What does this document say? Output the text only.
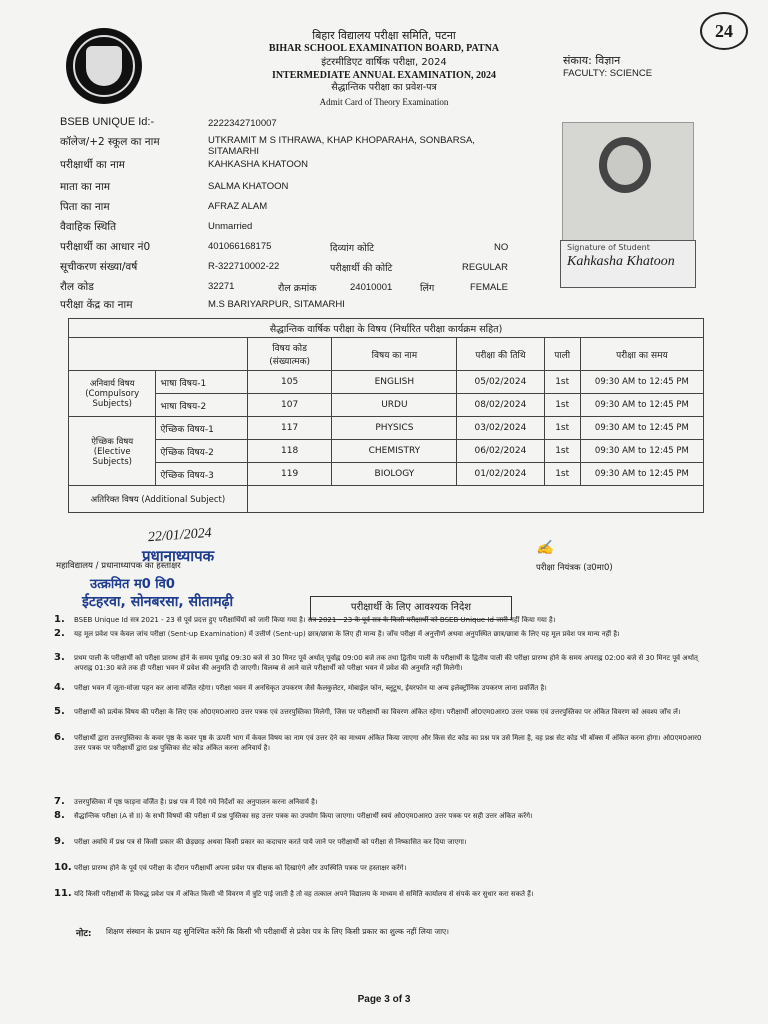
24
बिहार विद्यालय परीक्षा समिति, पटना
BIHAR SCHOOL EXAMINATION BOARD, PATNA
इंटरमीडिएट वार्षिक परीक्षा, 2024
INTERMEDIATE ANNUAL EXAMINATION, 2024
सैद्धान्तिक परीक्षा का प्रवेश-पत्र
Admit Card of Theory Examination
संकाय: विज्ञान
FACULTY: SCIENCE
BSEB UNIQUE Id:-	2222342710007
कॉलेज/+2 स्कूल का नाम	UTKRAMIT M S ITHRAWA, KHAP KHOPARAHA, SONBARSA, SITAMARHI
परीक्षार्थी का नाम	KAHKASHA KHATOON
माता का नाम	SALMA KHATOON
पिता का नाम	AFRAZ ALAM
वैवाहिक स्थिति	Unmarried
परीक्षार्थी का आधार नं0	401066168175	दिव्यांग कोटि	NO
सूचीकरण संख्या/वर्ष	R-322710002-22	परीक्षार्थी की कोटि	REGULAR
रौल कोड	32271	रौल क्रमांक	24010001	लिंग	FEMALE
परीक्षा केंद्र का नाम	M.S BARIYARPUR, SITAMARHI
Signature of Student
Kahkasha Khatoon
सैद्धान्तिक वार्षिक परीक्षा के विषय (निर्धारित परीक्षा कार्यक्रम सहित)						
		विषय कोड (संख्यात्मक)	विषय का नाम	परीक्षा की तिथि	पाली	परीक्षा का समय
अनिवार्य विषय (Compulsory Subjects)	भाषा विषय-1	105	ENGLISH	05/02/2024	1st	09:30 AM to 12:45 PM
	भाषा विषय-2	107	URDU	08/02/2024	1st	09:30 AM to 12:45 PM
ऐच्छिक विषय (Elective Subjects)	ऐच्छिक विषय-1	117	PHYSICS	03/02/2024	1st	09:30 AM to 12:45 PM
	ऐच्छिक विषय-2	118	CHEMISTRY	06/02/2024	1st	09:30 AM to 12:45 PM
	ऐच्छिक विषय-3	119	BIOLOGY	01/02/2024	1st	09:30 AM to 12:45 PM
अतिरिक्त विषय (Additional Subject)						
22/01/2024
प्रधानाध्यापक
महाविद्यालय / प्रधानाध्यापक का हस्ताक्षर
उत्क्रमित म0 वि0
ईटहरवा, सोनबरसा, सीतामढ़ी
✍
परीक्षा नियंत्रक (उ0मा0)
परीक्षार्थी के लिए आवश्यक निदेश
1. BSEB Unique Id सत्र 2021 - 23 से पूर्व प्रदत्त हुए परीक्षार्थियों को जारी किया गया है। सत्र 2021 - 23 के पूर्व सत्र के किसी परीक्षार्थी को BSEB Unique Id जारी नहीं किया गया है।
2. यह मूल प्रवेश पत्र केवल जांच परीक्षा (Sent-up Examination) में उत्तीर्ण (Sent-up) छात्र/छात्रा के लिए ही मान्य है। जाँच परीक्षा में अनुत्तीर्ण अथवा अनुपस्थित छात्र/छात्रा के लिए यह मूल प्रवेश पत्र मान्य नहीं है।
3. प्रथम पाली के परीक्षार्थी को परीक्षा प्रारम्भ होने के समय पूर्वाह्न 09:30 बजे से 30 मिनट पूर्व अर्थात् पूर्वाह्न 09:00 बजे तक तथा द्वितीय पाली के परीक्षार्थी के द्वितीय पाली की परीक्षा प्रारम्भ होने के समय अपराह्न 02:00 बजे से 30 मिनट पूर्व अर्थात् अपराह्न 01:30 बजे तक ही परीक्षा भवन में प्रवेश की अनुमति दी जाएगी। विलम्ब से आने वाले परीक्षार्थी को परीक्षा भवन में प्रवेश की अनुमति नहीं मिलेगी।
4. परीक्षा भवन में जूता-मोजा पहन कर आना वर्जित रहेगा। परीक्षा भवन में अनधिकृत उपकरण जैसे कैलकुलेटर, मोबाईल फोन, ब्लूटूथ, ईयरफोन या अन्य इलेक्ट्रॉनिक उपकरण लाना प्रवर्जित है।
5. परीक्षार्थी को प्रत्येक विषय की परीक्षा के लिए एक ओ0एम0आर0 उत्तर पत्रक एवं उत्तरपुस्तिका मिलेगी, जिस पर परीक्षार्थी का विवरण अंकित रहेगा। परीक्षार्थी ओ0एम0आर0 उत्तर पत्रक एवं उत्तरपुस्तिका पर अंकित विवरण को अवश्य जाँच लें।
6. परीक्षार्थी द्वारा उत्तरपुस्तिका के कवर पृष्ठ के कवर पृष्ठ के ऊपरी भाग में केवल विषय का नाम एवं उत्तर देने का माध्यम अंकित किया जाएगा और किस सेट कोड का प्रश्न पत्र उसे मिला है, वह प्रश्न सेट कोड भी बॉक्स में अंकित करना होगा। ओ0एम0आर0 उत्तर पत्रक पर परीक्षार्थी द्वारा प्रश्न पुस्तिका सेट कोड अंकित करना अनिवार्य है।
7. उत्तरपुस्तिका में पृष्ठ फाड़ना वर्जित है। प्रश्न पत्र में दिये गये निर्देशों का अनुपालन करना अनिवार्य है।
8. सैद्धान्तिक परीक्षा (A से II) के सभी विषयों की परीक्षा में प्रश्न पुस्तिका सह उत्तर पत्रक का उपयोग किया जाएगा। परीक्षार्थी स्वयं ओ0एम0आर0 उत्तर पत्रक पर सही उत्तर अंकित करेंगे।
9. परीक्षा अवधि में प्रश्न पत्र से किसी प्रकार की छेड़छाड़ अथवा किसी प्रकार का कदाचार करते पाये जाने पर परीक्षार्थी को परीक्षा से निष्कासित कर दिया जाएगा।
10. परीक्षा प्रारम्भ होने के पूर्व एवं परीक्षा के दौरान परीक्षार्थी अपना प्रवेश पत्र वीक्षक को दिखाएंगे और उपस्थिति पत्रक पर हस्ताक्षर करेंगे।
11. यदि किसी परीक्षार्थी के विरुद्ध प्रवेश पत्र में अंकित किसी भी विवरण में त्रुटि पाई जाती है तो वह तत्काल अपने विद्यालय के माध्यम से समिति कार्यालय से संपर्क कर सुधार करा सकते हैं।
नोट: शिक्षण संस्थान के प्रधान यह सुनिश्चित करेंगे कि किसी भी परीक्षार्थी से प्रवेश पत्र के लिए किसी प्रकार का शुल्क नहीं लिया जाए।
Page 3 of 3
